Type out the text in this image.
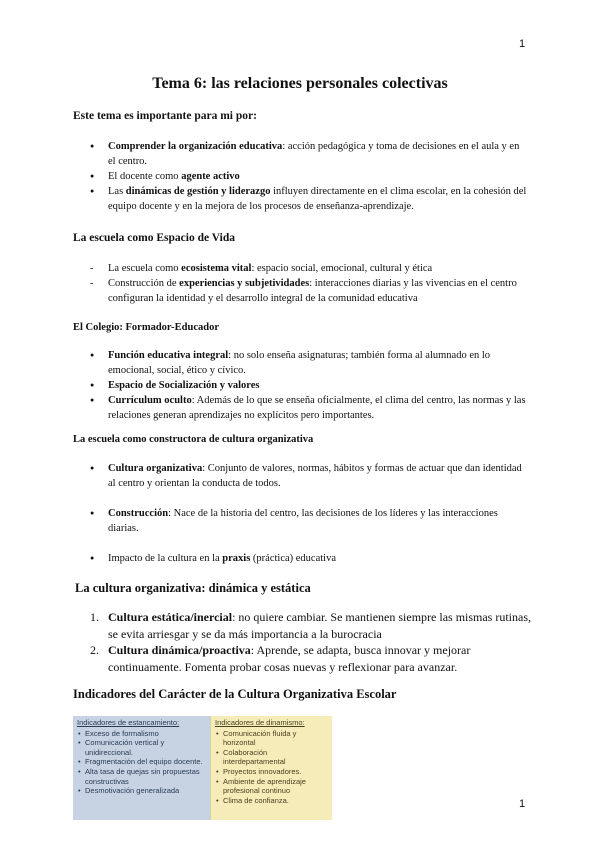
1
Tema 6: las relaciones personales colectivas
Este tema es importante para mi por:
●
Comprender la organización educativa: acción pedagógica y toma de decisiones en el aula y en el centro.
●
El docente como agente activo
●
Las dinámicas de gestión y liderazgo influyen directamente en el clima escolar, en la cohesión del equipo docente y en la mejora de los procesos de enseñanza-aprendizaje.
La escuela como Espacio de Vida
-
La escuela como ecosistema vital: espacio social, emocional, cultural y ética
-
Construcción de experiencias y subjetividades: interacciones diarias y las vivencias en el centro configuran la identidad y el desarrollo integral de la comunidad educativa
El Colegio: Formador-Educador
●
Función educativa integral: no solo enseña asignaturas; también forma al alumnado en lo emocional, social, ético y cívico.
●
Espacio de Socialización y valores
●
Currículum oculto: Además de lo que se enseña oficialmente, el clima del centro, las normas y las relaciones generan aprendizajes no explícitos pero importantes.
La escuela como constructora de cultura organizativa
●
Cultura organizativa: Conjunto de valores, normas, hábitos y formas de actuar que dan identidad al centro y orientan la conducta de todos.
●
Construcción: Nace de la historia del centro, las decisiones de los líderes y las interacciones diarias.
●
Impacto de la cultura en la praxis (práctica) educativa
La cultura organizativa: dinámica y estática
1. Cultura estática/inercial: no quiere cambiar. Se mantienen siempre las mismas rutinas, se evita arriesgar y se da más importancia a la burocracia
2. Cultura dinámica/proactiva: Aprende, se adapta, busca innovar y mejorar continuamente. Fomenta probar cosas nuevas y reflexionar para avanzar.
Indicadores del Carácter de la Cultura Organizativa Escolar
Indicadores de estancamiento:
• Exceso de formalismo
• Comunicación vertical y unidireccional.
• Fragmentación del equipo docente.
• Alta tasa de quejas sin propuestas constructivas
• Desmotivación generalizada
Indicadores de dinamismo:
• Comunicación fluida y horizontal
• Colaboración interdepartamental
• Proyectos innovadores.
• Ambiente de aprendizaje profesional continuo
• Clima de confianza.	1
